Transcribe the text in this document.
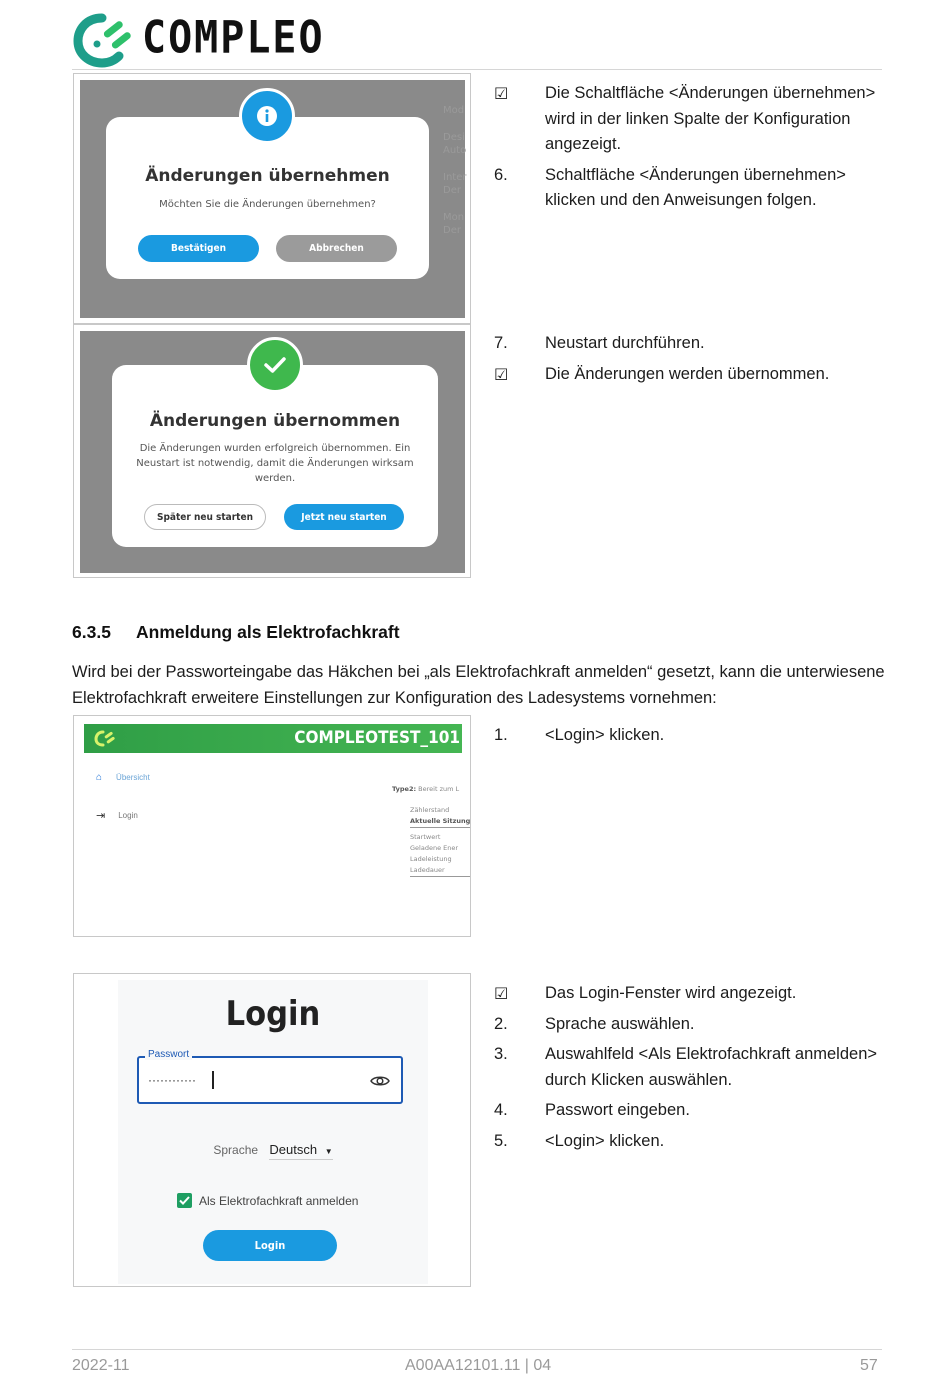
COMPLEO
Mod
Desi
Auto
Inter
Der
Mon
Der
Änderungen übernehmen
Möchten Sie die Änderungen übernehmen?
Bestätigen	Abbrechen
Änderungen übernommen
Die Änderungen wurden erfolgreich übernommen. Ein Neustart ist notwendig, damit die Änderungen wirksam werden.
Später neu starten	Jetzt neu starten
☑	Die Schaltfläche <Änderungen übernehmen> wird in der linken Spalte der Konfiguration angezeigt.
6.	Schaltfläche <Änderungen übernehmen> klicken und den Anweisungen folgen.
7.	Neustart durchführen.
☑	Die Änderungen werden übernommen.
6.3.5 Anmeldung als Elektrofachkraft
Wird bei der Passworteingabe das Häkchen bei „als Elektrofachkraft anmelden“ gesetzt, kann die unterwiesene Elektrofachkraft erweitere Einstellungen zur Konfiguration des Ladesystems vornehmen:
COMPLEOTEST_101
⌂ Übersicht
⇥ Login
Type2: Bereit zum L
Zählerstand
Aktuelle Sitzung
Startwert
Geladene Ener
Ladeleistung
Ladedauer
1.	<Login> klicken.
Login
Passwort
············
Sprache Deutsch ▼
Als Elektrofachkraft anmelden
Login
☑	Das Login-Fenster wird angezeigt.
2.	Sprache auswählen.
3.	Auswahlfeld <Als Elektrofachkraft anmelden> durch Klicken auswählen.
4.	Passwort eingeben.
5.	<Login> klicken.
2022-11	A00AA12101.11 | 04	57
